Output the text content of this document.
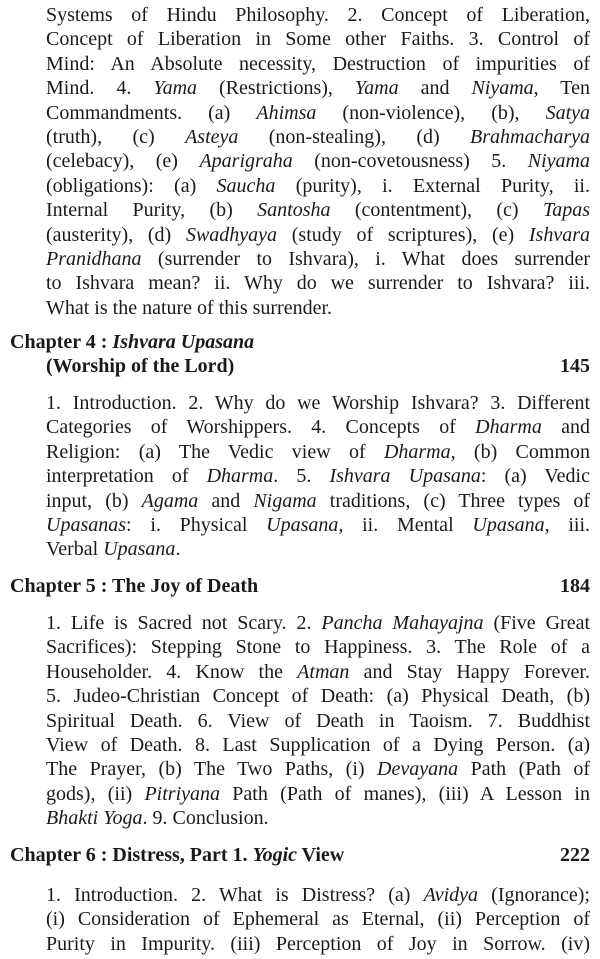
Systems of Hindu Philosophy. 2. Concept of Liberation,
Concept of Liberation in Some other Faiths. 3. Control of
Mind: An Absolute necessity, Destruction of impurities of
Mind. 4. Yama (Restrictions), Yama and Niyama, Ten
Commandments. (a) Ahimsa (non-violence), (b), Satya
(truth), (c) Asteya (non-stealing), (d) Brahmacharya
(celebacy), (e) Aparigraha (non-covetousness) 5. Niyama
(obligations): (a) Saucha (purity), i. External Purity, ii.
Internal Purity, (b) Santosha (contentment), (c) Tapas
(austerity), (d) Swadhyaya (study of scriptures), (e) Ishvara
Pranidhana (surrender to Ishvara), i. What does surrender
to Ishvara mean? ii. Why do we surrender to Ishvara? iii.
What is the nature of this surrender.
Chapter 4 : Ishvara Upasana
(Worship of the Lord)	145
1. Introduction. 2. Why do we Worship Ishvara? 3. Different
Categories of Worshippers. 4. Concepts of Dharma and
Religion: (a) The Vedic view of Dharma, (b) Common
interpretation of Dharma. 5. Ishvara Upasana: (a) Vedic
input, (b) Agama and Nigama traditions, (c) Three types of
Upasanas: i. Physical Upasana, ii. Mental Upasana, iii.
Verbal Upasana.
Chapter 5 : The Joy of Death	184
1. Life is Sacred not Scary. 2. Pancha Mahayajna (Five Great
Sacrifices): Stepping Stone to Happiness. 3. The Role of a
Householder. 4. Know the Atman and Stay Happy Forever.
5. Judeo-Christian Concept of Death: (a) Physical Death, (b)
Spiritual Death. 6. View of Death in Taoism. 7. Buddhist
View of Death. 8. Last Supplication of a Dying Person. (a)
The Prayer, (b) The Two Paths, (i) Devayana Path (Path of
gods), (ii) Pitriyana Path (Path of manes), (iii) A Lesson in
Bhakti Yoga. 9. Conclusion.
Chapter 6 : Distress, Part 1. Yogic View	222
1. Introduction. 2. What is Distress? (a) Avidya (Ignorance);
(i) Consideration of Ephemeral as Eternal, (ii) Perception of
Purity in Impurity. (iii) Perception of Joy in Sorrow. (iv)
